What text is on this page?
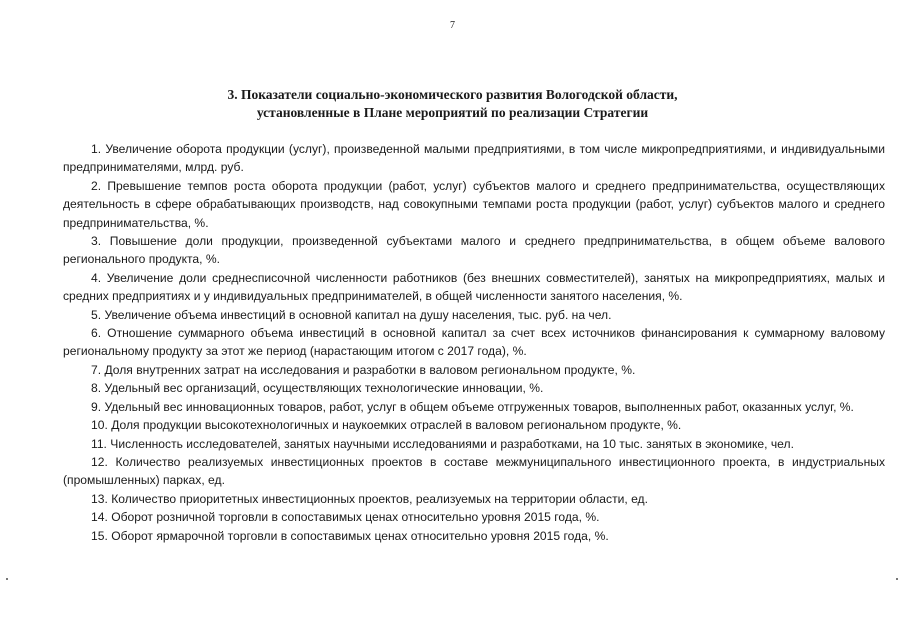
7
3. Показатели социально-экономического развития Вологодской области,
установленные в Плане мероприятий по реализации Стратегии

1. Увеличение оборота продукции (услуг), произведенной малыми предприятиями, в том числе микропредприятиями, и индивидуальными предпринимателями, млрд. руб.

2. Превышение темпов роста оборота продукции (работ, услуг) субъектов малого и среднего предпринимательства, осуществляющих деятельность в сфере обрабатывающих производств, над совокупными темпами роста продукции (работ, услуг) субъектов малого и среднего предпринимательства, %.

3. Повышение доли продукции, произведенной субъектами малого и среднего предпринимательства, в общем объеме валового регионального продукта, %.

4. Увеличение доли среднесписочной численности работников (без внешних совместителей), занятых на микропредприятиях, малых и средних предприятиях и у индивидуальных предпринимателей, в общей численности занятого населения, %.

5. Увеличение объема инвестиций в основной капитал на душу населения, тыс. руб. на чел.

6. Отношение суммарного объема инвестиций в основной капитал за счет всех источников финансирования к суммарному валовому региональному продукту за этот же период (нарастающим итогом с 2017 года), %.

7. Доля внутренних затрат на исследования и разработки в валовом региональном продукте, %.

8. Удельный вес организаций, осуществляющих технологические инновации, %.

9. Удельный вес инновационных товаров, работ, услуг в общем объеме отгруженных товаров, выполненных работ, оказанных услуг, %.

10. Доля продукции высокотехнологичных и наукоемких отраслей в валовом региональном продукте, %.

11. Численность исследователей, занятых научными исследованиями и разработками, на 10 тыс. занятых в экономике, чел.

12. Количество реализуемых инвестиционных проектов в составе межмуниципального инвестиционного проекта, в индустриальных (промышленных) парках, ед.

13. Количество приоритетных инвестиционных проектов, реализуемых на территории области, ед.

14. Оборот розничной торговли в сопоставимых ценах относительно уровня 2015 года, %.

15. Оборот ярмарочной торговли в сопоставимых ценах относительно уровня 2015 года, %.
